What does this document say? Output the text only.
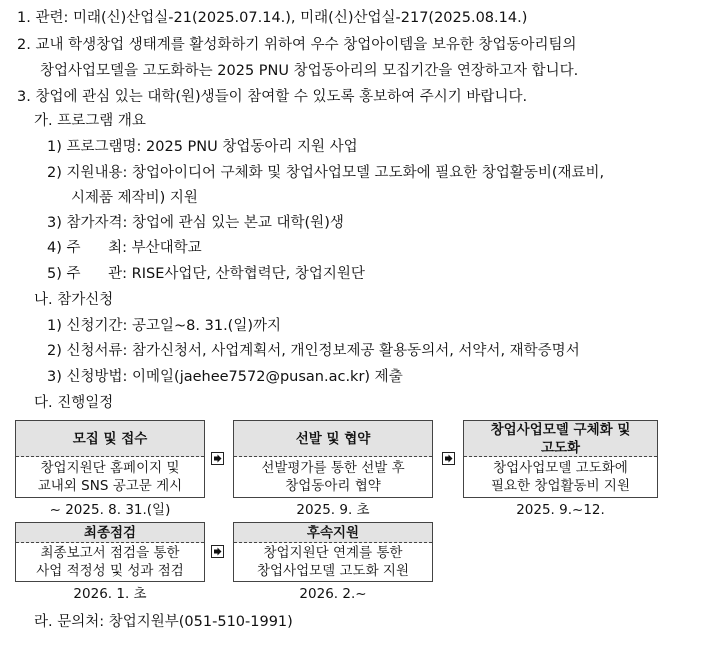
1. 관련: 미래(신)산업실-21(2025.07.14.), 미래(신)산업실-217(2025.08.14.)
2. 교내 학생창업 생태계를 활성화하기 위하여 우수 창업아이템을 보유한 창업동아리팀의
창업사업모델을 고도화하는 2025 PNU 창업동아리의 모집기간을 연장하고자 합니다.
3. 창업에 관심 있는 대학(원)생들이 참여할 수 있도록 홍보하여 주시기 바랍니다.
가. 프로그램 개요
1) 프로그램명: 2025 PNU 창업동아리 지원 사업
2) 지원내용: 창업아이디어 구체화 및 창업사업모델 고도화에 필요한 창업활동비(재료비,
시제품 제작비) 지원
3) 참가자격: 창업에 관심 있는 본교 대학(원)생
4) 주      최: 부산대학교
5) 주      관: RISE사업단, 산학협력단, 창업지원단
나. 참가신청
1) 신청기간: 공고일~8. 31.(일)까지
2) 신청서류: 참가신청서, 사업계획서, 개인정보제공 활용동의서, 서약서, 재학증명서
3) 신청방법: 이메일(jaehee7572@pusan.ac.kr) 제출
다. 진행일정
모집 및 접수
창업지원단 홈페이지 및
교내외 SNS 공고문 게시
~ 2025. 8. 31.(일)
선발 및 협약
선발평가를 통한 선발 후
창업동아리 협약
2025. 9. 초
창업사업모델 구체화 및
고도화
창업사업모델 고도화에
필요한 창업활동비 지원
2025. 9.~12.
최종점검
최종보고서 점검을 통한
사업 적정성 및 성과 점검
2026. 1. 초
후속지원
창업지원단 연계를 통한
창업사업모델 고도화 지원
2026. 2.~
라. 문의처: 창업지원부(051-510-1991)
